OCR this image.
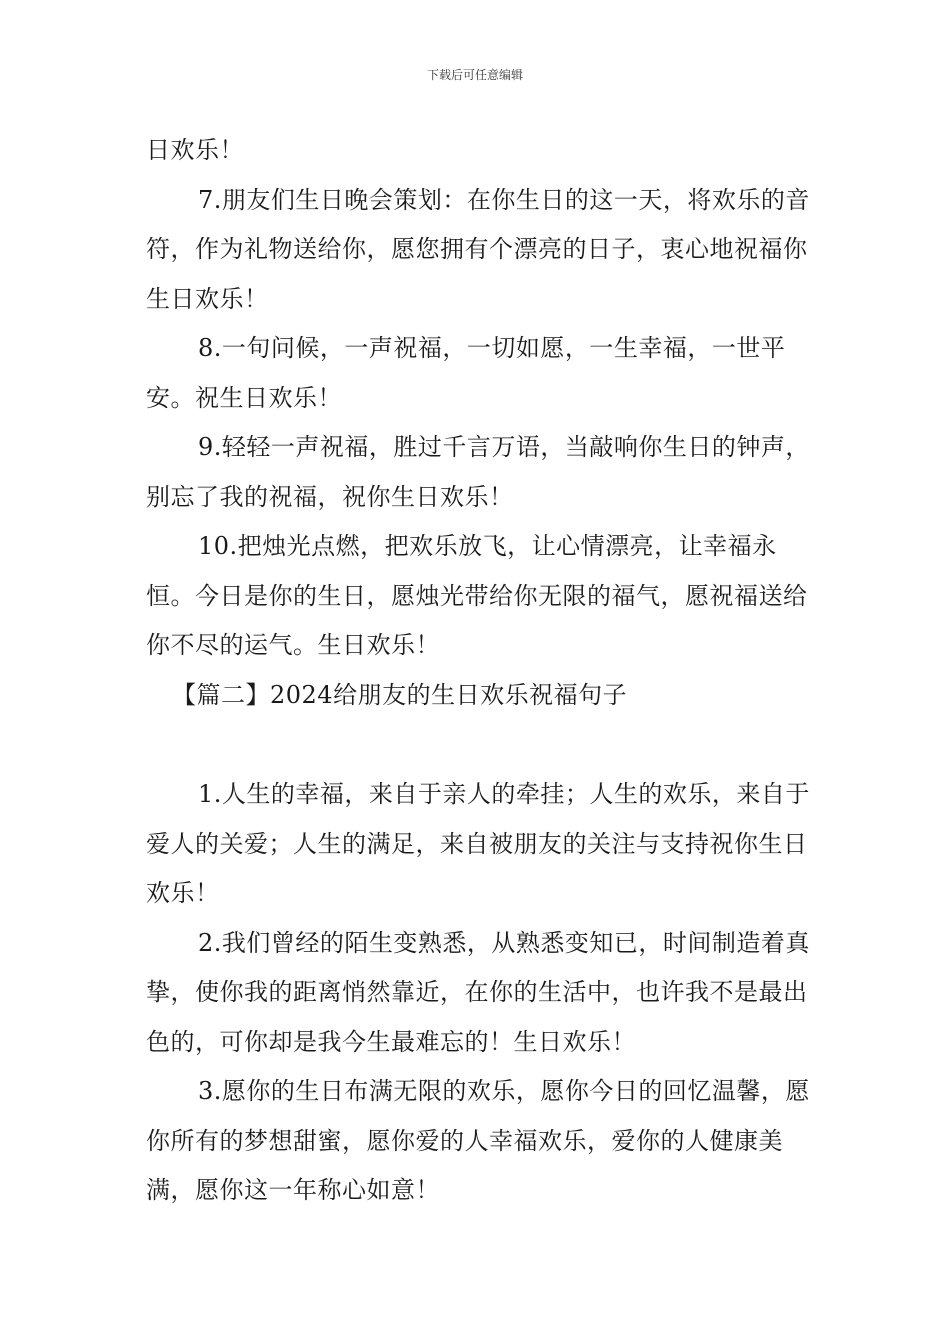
下载后可任意编辑

日欢乐！

7.朋友们生日晚会策划：在你生日的这一天，将欢乐的音符，作为礼物送给你，愿您拥有个漂亮的日子，衷心地祝福你生日欢乐！

8.一句问候，一声祝福，一切如愿，一生幸福，一世平安。祝生日欢乐！

9.轻轻一声祝福，胜过千言万语，当敲响你生日的钟声，别忘了我的祝福，祝你生日欢乐！

10.把烛光点燃，把欢乐放飞，让心情漂亮，让幸福永恒。今日是你的生日，愿烛光带给你无限的福气，愿祝福送给你不尽的运气。生日欢乐！

【篇二】2024给朋友的生日欢乐祝福句子

1.人生的幸福，来自于亲人的牵挂；人生的欢乐，来自于爱人的关爱；人生的满足，来自被朋友的关注与支持祝你生日欢乐！

2.我们曾经的陌生变熟悉，从熟悉变知已，时间制造着真挚，使你我的距离悄然靠近，在你的生活中，也许我不是最出色的，可你却是我今生最难忘的！生日欢乐！

3.愿你的生日布满无限的欢乐，愿你今日的回忆温馨，愿你所有的梦想甜蜜，愿你爱的人幸福欢乐，爱你的人健康美满，愿你这一年称心如意！
